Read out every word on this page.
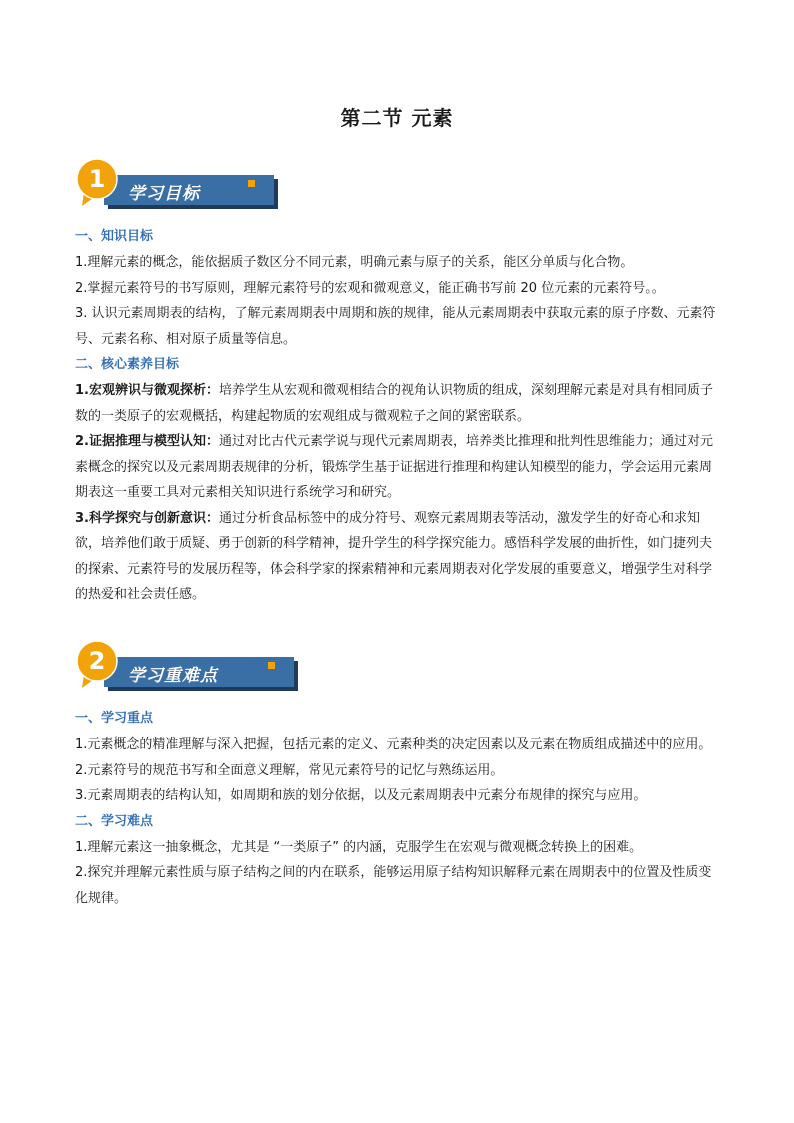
第二节 元素
学习目标
1
一、知识目标

1.理解元素的概念，能依据质子数区分不同元素，明确元素与原子的关系，能区分单质与化合物。

2.掌握元素符号的书写原则，理解元素符号的宏观和微观意义，能正确书写前 20 位元素的元素符号。。

3. 认识元素周期表的结构，了解元素周期表中周期和族的规律，能从元素周期表中获取元素的原子序数、元素符号、元素名称、相对原子质量等信息。

二、核心素养目标

1.宏观辨识与微观探析：培养学生从宏观和微观相结合的视角认识物质的组成，深刻理解元素是对具有相同质子数的一类原子的宏观概括，构建起物质的宏观组成与微观粒子之间的紧密联系。

2.证据推理与模型认知：通过对比古代元素学说与现代元素周期表，培养类比推理和批判性思维能力；通过对元素概念的探究以及元素周期表规律的分析，锻炼学生基于证据进行推理和构建认知模型的能力，学会运用元素周期表这一重要工具对元素相关知识进行系统学习和研究。

3.科学探究与创新意识：通过分析食品标签中的成分符号、观察元素周期表等活动，激发学生的好奇心和求知欲，培养他们敢于质疑、勇于创新的科学精神，提升学生的科学探究能力。感悟科学发展的曲折性，如门捷列夫的探索、元素符号的发展历程等，体会科学家的探索精神和元素周期表对化学发展的重要意义，增强学生对科学的热爱和社会责任感。

学习重难点
2
一、学习重点

1.元素概念的精准理解与深入把握，包括元素的定义、元素种类的决定因素以及元素在物质组成描述中的应用。

2.元素符号的规范书写和全面意义理解，常见元素符号的记忆与熟练运用。

3.元素周期表的结构认知，如周期和族的划分依据，以及元素周期表中元素分布规律的探究与应用。

二、学习难点

1.理解元素这一抽象概念，尤其是 “一类原子” 的内涵，克服学生在宏观与微观概念转换上的困难。

2.探究并理解元素性质与原子结构之间的内在联系，能够运用原子结构知识解释元素在周期表中的位置及性质变化规律。
